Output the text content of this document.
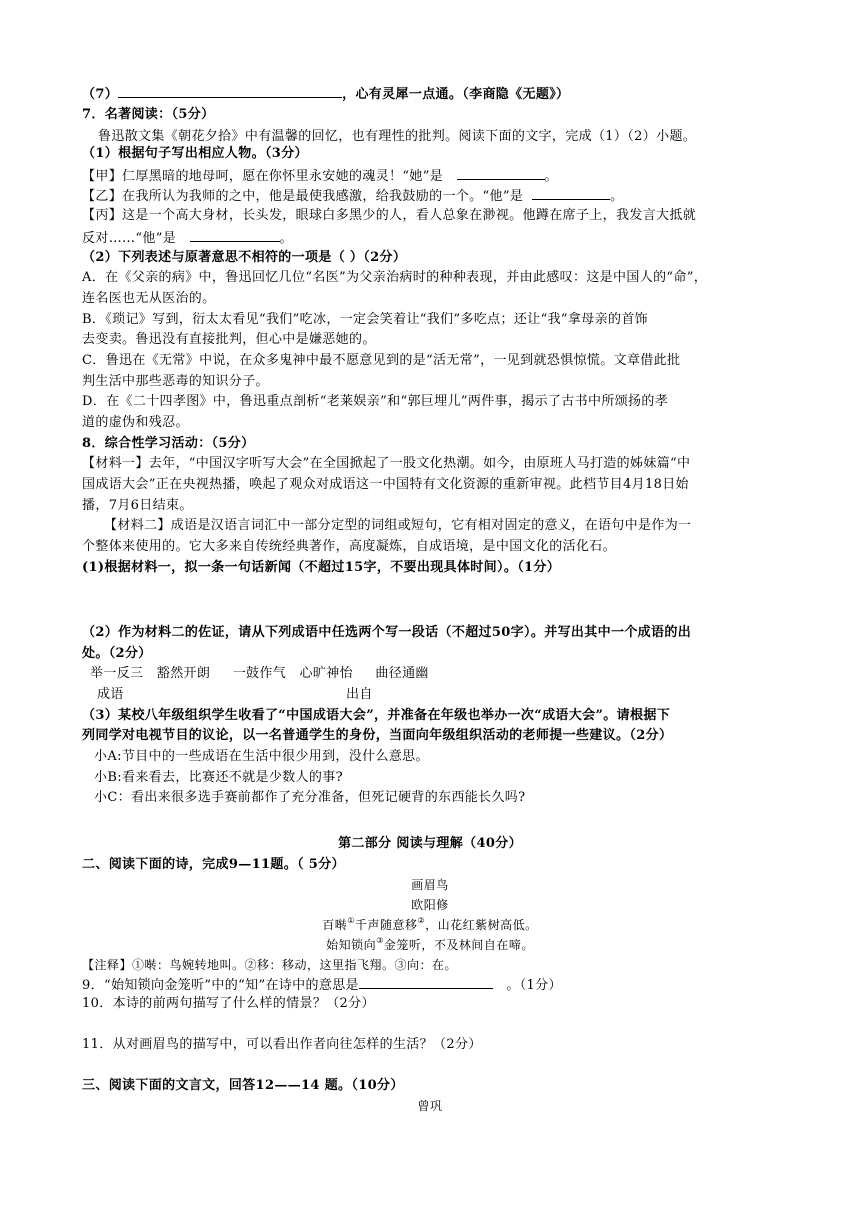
（7）	，心有灵犀一点通。（李商隐《无题》）
7．名著阅读：（5分）
鲁迅散文集《朝花夕拾》中有温馨的回忆，也有理性的批判。阅读下面的文字，完成（1）（2）小题。
（1）根据句子写出相应人物。（3分）
【甲】仁厚黑暗的地母呵，愿在你怀里永安她的魂灵！“她”是	。
【乙】在我所认为我师的之中，他是最使我感激，给我鼓励的一个。“他”是	。
【丙】这是一个高大身材，长头发，眼球白多黑少的人，看人总象在渺视。他蹲在席子上，我发言大抵就
反对……“他”是	。
（2）下列表述与原著意思不相符的一项是（ ）（2分）
A．在《父亲的病》中，鲁迅回忆几位“名医”为父亲治病时的种种表现，并由此感叹：这是中国人的“命”，
连名医也无从医治的。
B．《琐记》写到，衍太太看见“我们”吃冰，一定会笑着让“我们”多吃点；还让“我”拿母亲的首饰
去变卖。鲁迅没有直接批判，但心中是嫌恶她的。
C．鲁迅在《无常》中说，在众多鬼神中最不愿意见到的是“活无常”，一见到就恐惧惊慌。文章借此批
判生活中那些恶毒的知识分子。
D．在《二十四孝图》中，鲁迅重点剖析“老莱娱亲”和“郭巨埋儿”两件事，揭示了古书中所颂扬的孝
道的虚伪和残忍。
8．综合性学习活动：（5分）
【材料一】去年，“中国汉字听写大会”在全国掀起了一股文化热潮。如今，由原班人马打造的姊妹篇“中
国成语大会”正在央视热播，唤起了观众对成语这一中国特有文化资源的重新审视。此档节目4月18日始
播，7月6日结束。
【材料二】成语是汉语言词汇中一部分定型的词组或短句，它有相对固定的意义，在语句中是作为一
个整体来使用的。它大多来自传统经典著作，高度凝炼，自成语境，是中国文化的活化石。
(1)根据材料一，拟一条一句话新闻（不超过15字，不要出现具体时间）。（1分）
（2）作为材料二的佐证，请从下列成语中任选两个写一段话（不超过50字）。并写出其中一个成语的出
处。（2分）
举一反三 豁然开朗 一鼓作气 心旷神怡 曲径通幽
成语	出自
（3）某校八年级组织学生收看了“中国成语大会”，并准备在年级也举办一次“成语大会”。请根据下
列同学对电视节目的议论，以一名普通学生的身份，当面向年级组织活动的老师提一些建议。（2分）
小A:节目中的一些成语在生活中很少用到，没什么意思。
小B:看来看去，比赛还不就是少数人的事?
小C：看出来很多选手赛前都作了充分准备，但死记硬背的东西能长久吗?
第二部分 阅读与理解（40分）
二、阅读下面的诗，完成9—11题。（ 5分）
画眉鸟
欧阳修
百啭①千声随意移②，山花红紫树高低。
始知锁向③金笼听，不及林间自在啼。
【注释】①啭：鸟婉转地叫。②移：移动，这里指飞翔。③向：在。
9．“始知锁向金笼听”中的“知”在诗中的意思是	。（1分）
10．本诗的前两句描写了什么样的情景？（2分）
11．从对画眉鸟的描写中，可以看出作者向往怎样的生活？（2分）
三、阅读下面的文言文，回答12——14 题。（10分）
曾巩
